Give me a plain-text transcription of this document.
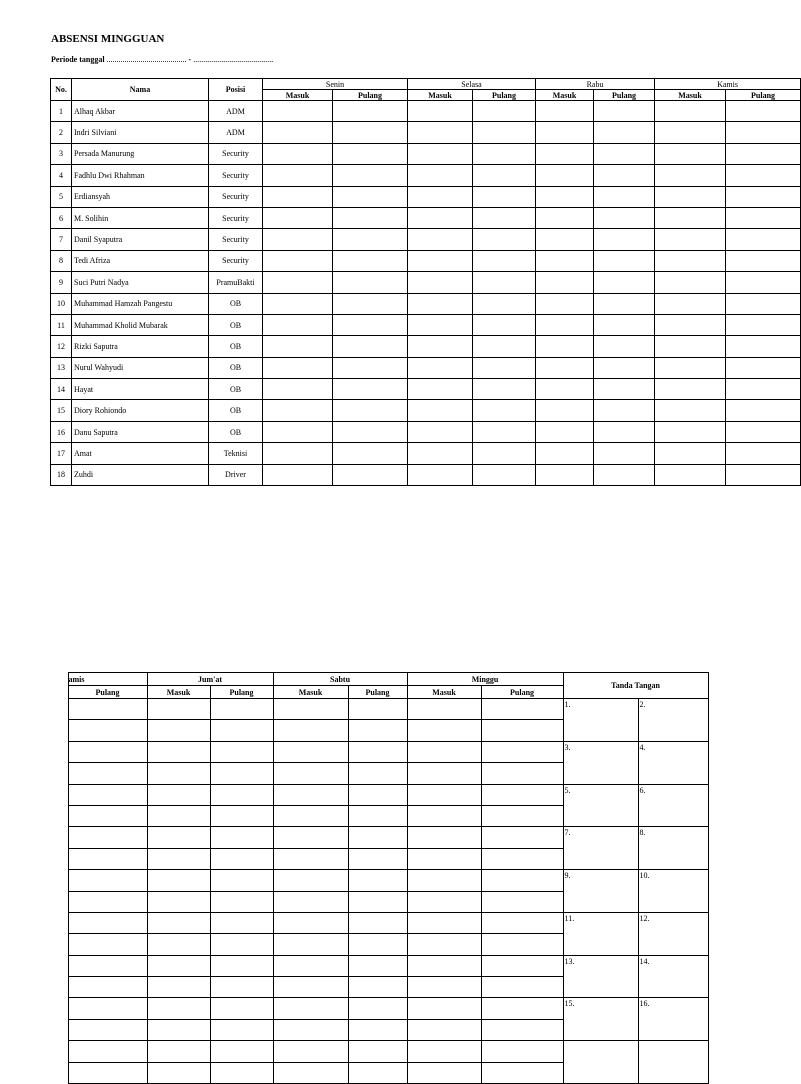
ABSENSI MINGGUAN
Periode tanggal ........................................ - ........................................
No.	Nama	Posisi	Senin		Selasa		Rabu		Kamis	
			Masuk	Pulang	Masuk	Pulang	Masuk	Pulang	Masuk	Pulang
1	Alhaq Akbar	ADM								
2	Indri Silviani	ADM								
3	Persada Manurung	Security								
4	Fadhlu Dwi Rhahman	Security								
5	Erdiansyah	Security								
6	M. Solihin	Security								
7	Danil Syaputra	Security								
8	Tedi Afriza	Security								
9	Suci Putri Nadya	PramuBakti								
10	Muhammad Hamzah Pangestu	OB								
11	Muhammad Kholid Mubarak	OB								
12	Rizki Saputra	OB								
13	Nurul Wahyudi	OB								
14	Hayat	OB								
15	Diory Rohiondo	OB								
16	Danu Saputra	OB								
17	Amat	Teknisi								
18	Zuhdi	Driver								
	amis	Jum'at		Sabtu		Minggu		Tanda Tangan	
	Pulang	Masuk	Pulang	Masuk	Pulang	Masuk	Pulang		
								1.	2.

								3.	4.

								5.	6.

								7.	8.

								9.	10.

								11.	12.

								13.	14.

								15.	16.
